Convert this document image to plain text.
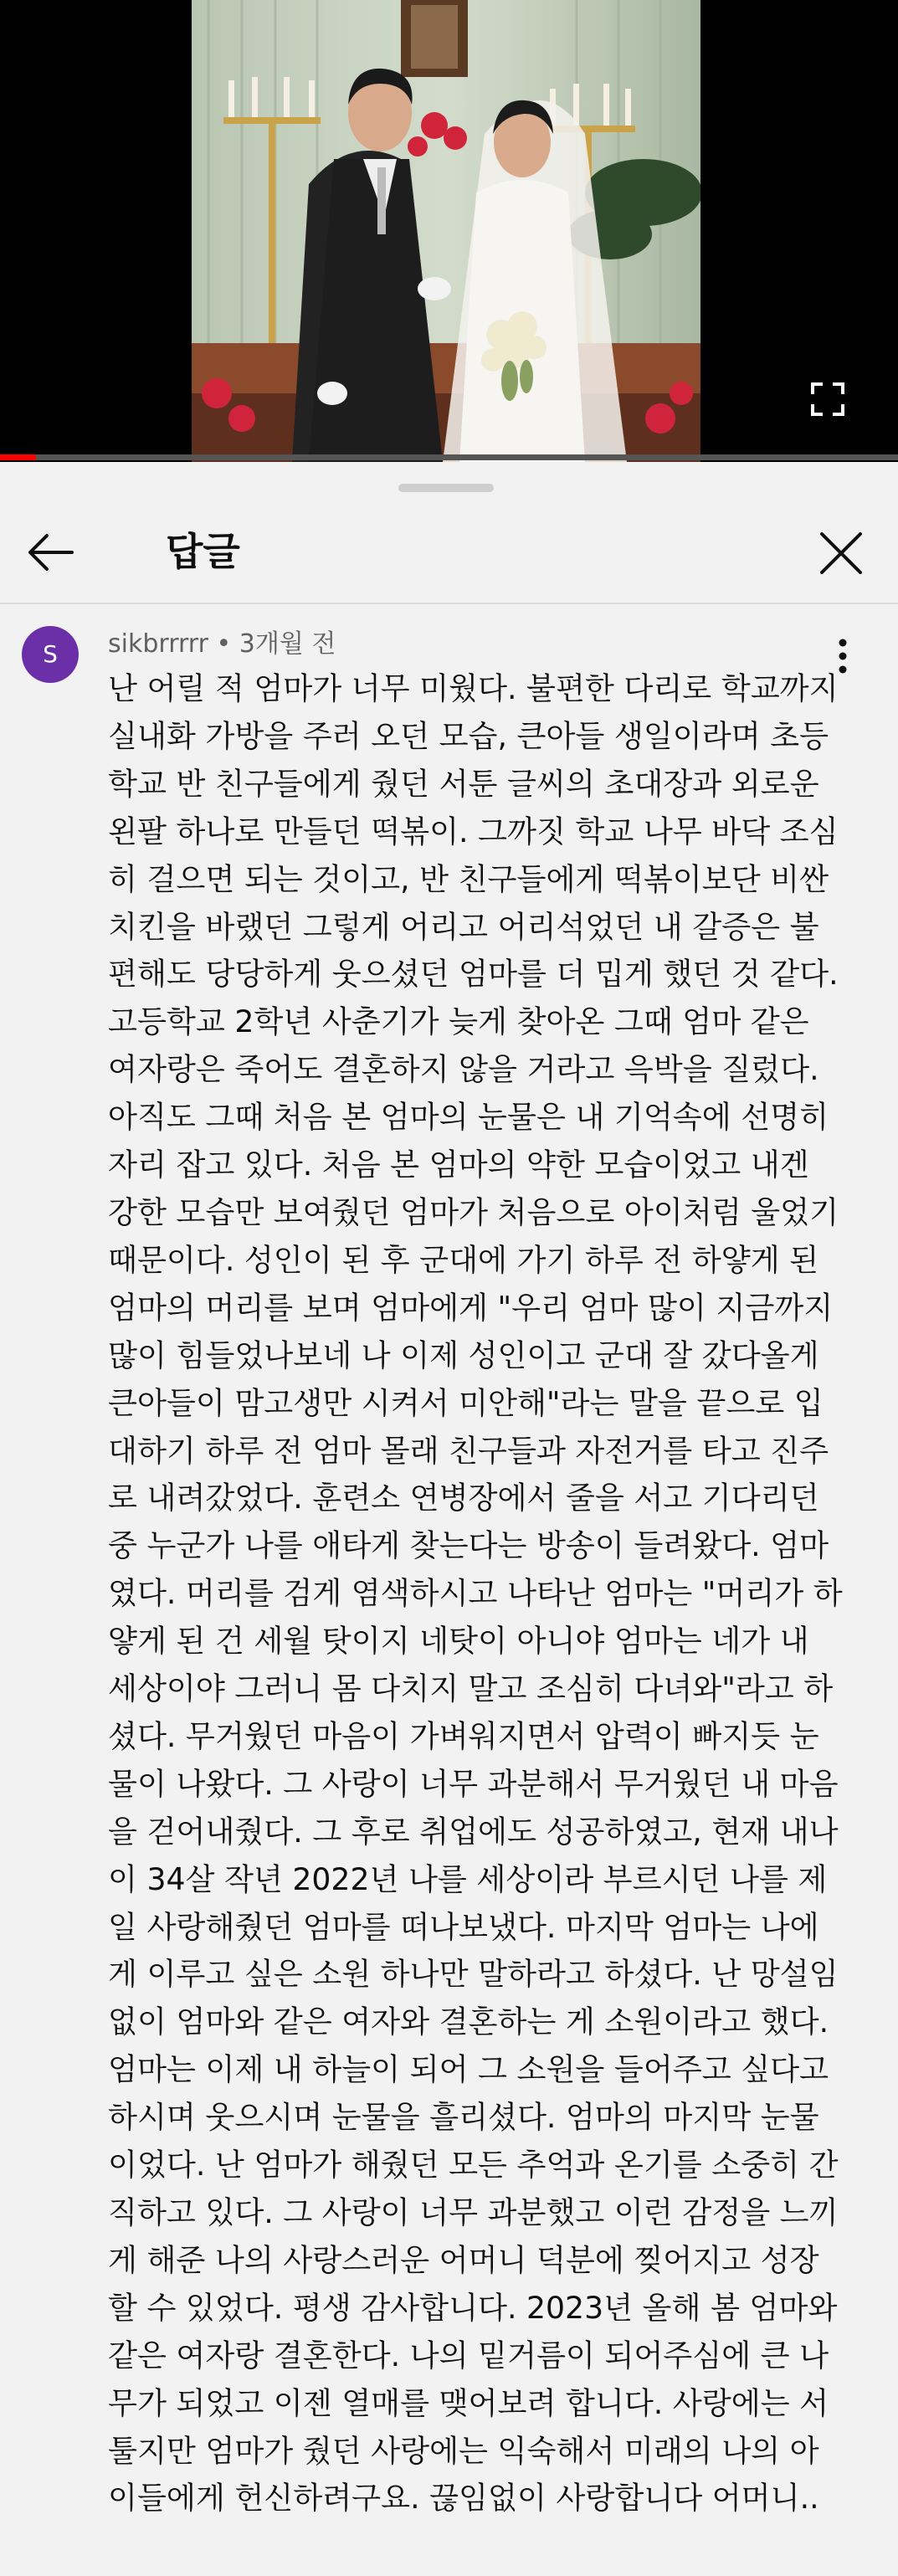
답글
S	sikbrrrrr • 3개월 전

난 어릴 적 엄마가 너무 미웠다. 불편한 다리로 학교까지 실내화 가방을 주러 오던 모습, 큰아들 생일이라며 초등 학교 반 친구들에게 줬던 서툰 글씨의 초대장과 외로운 왼팔 하나로 만들던 떡볶이. 그까짓 학교 나무 바닥 조심히 걸으면 되는 것이고, 반 친구들에게 떡볶이보단 비싼 치킨을 바랬던 그렇게 어리고 어리석었던 내 갈증은 불편해도 당당하게 웃으셨던 엄마를 더 밉게 했던 것 같다. 고등학교 2학년 사춘기가 늦게 찾아온 그때 엄마 같은 여자랑은 죽어도 결혼하지 않을 거라고 윽박을 질렀다. 아직도 그때 처음 본 엄마의 눈물은 내 기억속에 선명히 자리 잡고 있다. 처음 본 엄마의 약한 모습이었고 내겐 강한 모습만 보여줬던 엄마가 처음으로 아이처럼 울었기 때문이다. 성인이 된 후 군대에 가기 하루 전 하얗게 된 엄마의 머리를 보며 엄마에게 "우리 엄마 많이 지금까지 많이 힘들었나보네 나 이제 성인이고 군대 잘 갔다올게 큰아들이 맘고생만 시켜서 미안해"라는 말을 끝으로 입대하기 하루 전 엄마 몰래 친구들과 자전거를 타고 진주로 내려갔었다. 훈련소 연병장에서 줄을 서고 기다리던 중 누군가 나를 애타게 찾는다는 방송이 들려왔다. 엄마였다. 머리를 검게 염색하시고 나타난 엄마는 "머리가 하얗게 된 건 세월 탓이지 네탓이 아니야 엄마는 네가 내 세상이야 그러니 몸 다치지 말고 조심히 다녀와"라고 하셨다. 무거웠던 마음이 가벼워지면서 압력이 빠지듯 눈물이 나왔다. 그 사랑이 너무 과분해서 무거웠던 내 마음을 걷어내줬다. 그 후로 취업에도 성공하였고, 현재 내나이 34살 작년 2022년 나를 세상이라 부르시던 나를 제일 사랑해줬던 엄마를 떠나보냈다. 마지막 엄마는 나에게 이루고 싶은 소원 하나만 말하라고 하셨다. 난 망설임 없이 엄마와 같은 여자와 결혼하는 게 소원이라고 했다. 엄마는 이제 내 하늘이 되어 그 소원을 들어주고 싶다고 하시며 웃으시며 눈물을 흘리셨다. 엄마의 마지막 눈물이었다. 난 엄마가 해줬던 모든 추억과 온기를 소중히 간직하고 있다. 그 사랑이 너무 과분했고 이런 감정을 느끼게 해준 나의 사랑스러운 어머니 덕분에 찢어지고 성장할 수 있었다. 평생 감사합니다. 2023년 올해 봄 엄마와 같은 여자랑 결혼한다. 나의 밑거름이 되어주심에 큰 나무가 되었고 이젠 열매를 맺어보려 합니다. 사랑에는 서툴지만 엄마가 줬던 사랑에는 익숙해서 미래의 나의 아이들에게 헌신하려구요. 끊임없이 사랑합니다 어머니..
